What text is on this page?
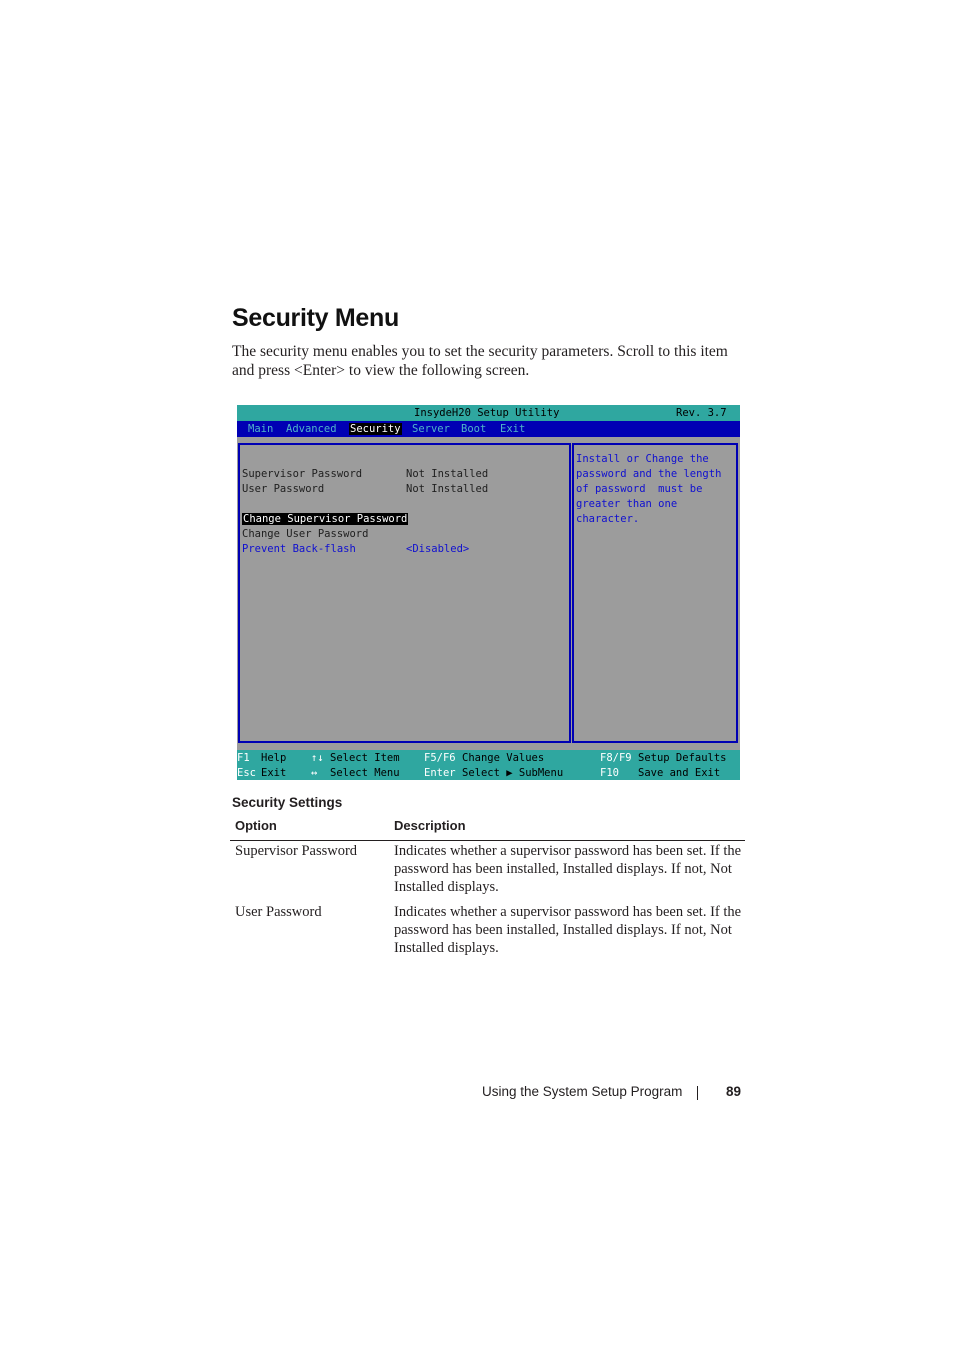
Security Menu

The security menu enables you to set the security parameters. Scroll to this item and press <Enter> to view the following screen.

InsydeH20 Setup Utility	Rev. 3.7
Main Advanced Security Server Boot Exit
Supervisor Password	Not Installed
User Password	Not Installed
Change Supervisor Password
Change User Password
Prevent Back-flash	<Disabled>
Install or Change the
password and the length
of password  must be
greater than one
character.
F1 Help
Esc Exit
↑↓ Select Item
↔ Select Menu
F5/F6 Change Values
Enter Select ▶ SubMenu
F8/F9 Setup Defaults
F10 Save and Exit

Security Settings

Option	Description
Supervisor Password	Indicates whether a supervisor password has been set. If the password has been installed, Installed displays. If not, Not Installed displays.
User Password	Indicates whether a supervisor password has been set. If the password has been installed, Installed displays. If not, Not Installed displays.
Using the System Setup Program	89
